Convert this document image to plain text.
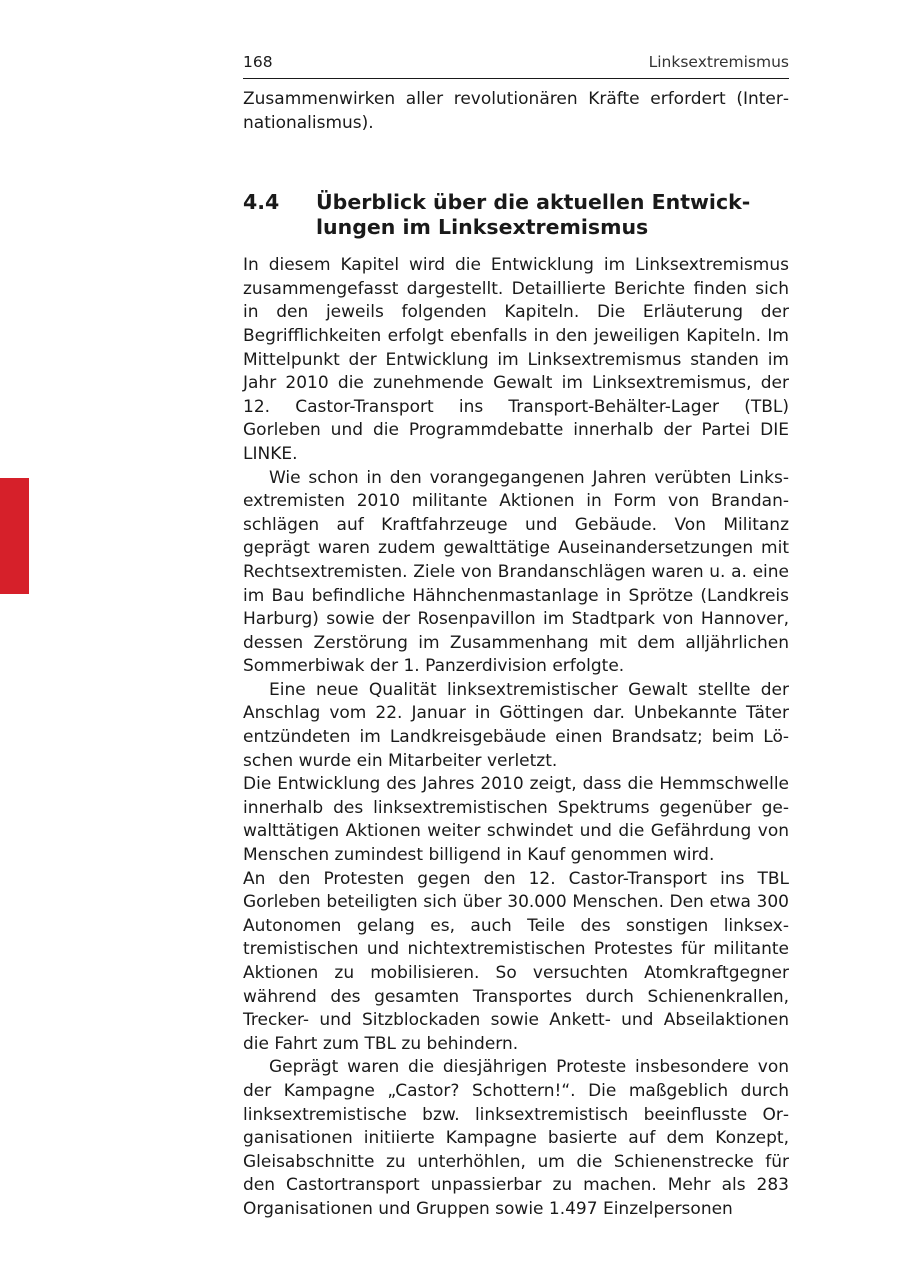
168	Linksextremismus

Zusammenwirken aller revolutionären Kräfte erfordert (Internationalismus).

4.4	Überblick über die aktuellen Entwicklungen im Linksextremismus

In diesem Kapitel wird die Entwicklung im Linksextremismus zusammengefasst dargestellt. Detaillierte Berichte finden sich in den jeweils folgenden Kapiteln. Die Erläuterung der Begrifflichkeiten erfolgt ebenfalls in den jeweiligen Kapiteln. Im Mittelpunkt der Entwicklung im Linksextremismus standen im Jahr 2010 die zunehmende Gewalt im Linksextremismus, der 12. Castor-Transport ins Transport-Behälter-Lager (TBL) Gorleben und die Programmdebatte innerhalb der Partei DIE LINKE.

Wie schon in den vorangegangenen Jahren verübten Linksextremisten 2010 militante Aktionen in Form von Brandanschlägen auf Kraftfahrzeuge und Gebäude. Von Militanz geprägt waren zudem gewalttätige Auseinandersetzungen mit Rechtsextremisten. Ziele von Brandanschlägen waren u. a. eine im Bau befindliche Hähnchenmastanlage in Sprötze (Landkreis Harburg) sowie der Rosenpavillon im Stadtpark von Hannover, dessen Zerstörung im Zusammenhang mit dem alljährlichen Sommerbiwak der 1. Panzerdivision erfolgte.

Eine neue Qualität linksextremistischer Gewalt stellte der Anschlag vom 22. Januar in Göttingen dar. Unbekannte Täter entzündeten im Landkreisgebäude einen Brandsatz; beim Löschen wurde ein Mitarbeiter verletzt.

Die Entwicklung des Jahres 2010 zeigt, dass die Hemmschwelle innerhalb des linksextremistischen Spektrums gegenüber gewalttätigen Aktionen weiter schwindet und die Gefährdung von Menschen zumindest billigend in Kauf genommen wird.

An den Protesten gegen den 12. Castor-Transport ins TBL Gorleben beteiligten sich über 30.000 Menschen. Den etwa 300 Autonomen gelang es, auch Teile des sonstigen linksextremistischen und nichtextremistischen Protestes für militante Aktionen zu mobilisieren. So versuchten Atomkraftgegner während des gesamten Transportes durch Schienenkrallen, Trecker- und Sitzblockaden sowie Ankett- und Abseilaktionen die Fahrt zum TBL zu behindern.

Geprägt waren die diesjährigen Proteste insbesondere von der Kampagne „Castor? Schottern!“. Die maßgeblich durch linksextremistische bzw. linksextremistisch beeinflusste Organisationen initiierte Kampagne basierte auf dem Konzept, Gleisabschnitte zu unterhöhlen, um die Schienenstrecke für den Castortransport unpassierbar zu machen. Mehr als 283 Organisationen und Gruppen sowie 1.497 Einzelpersonen
